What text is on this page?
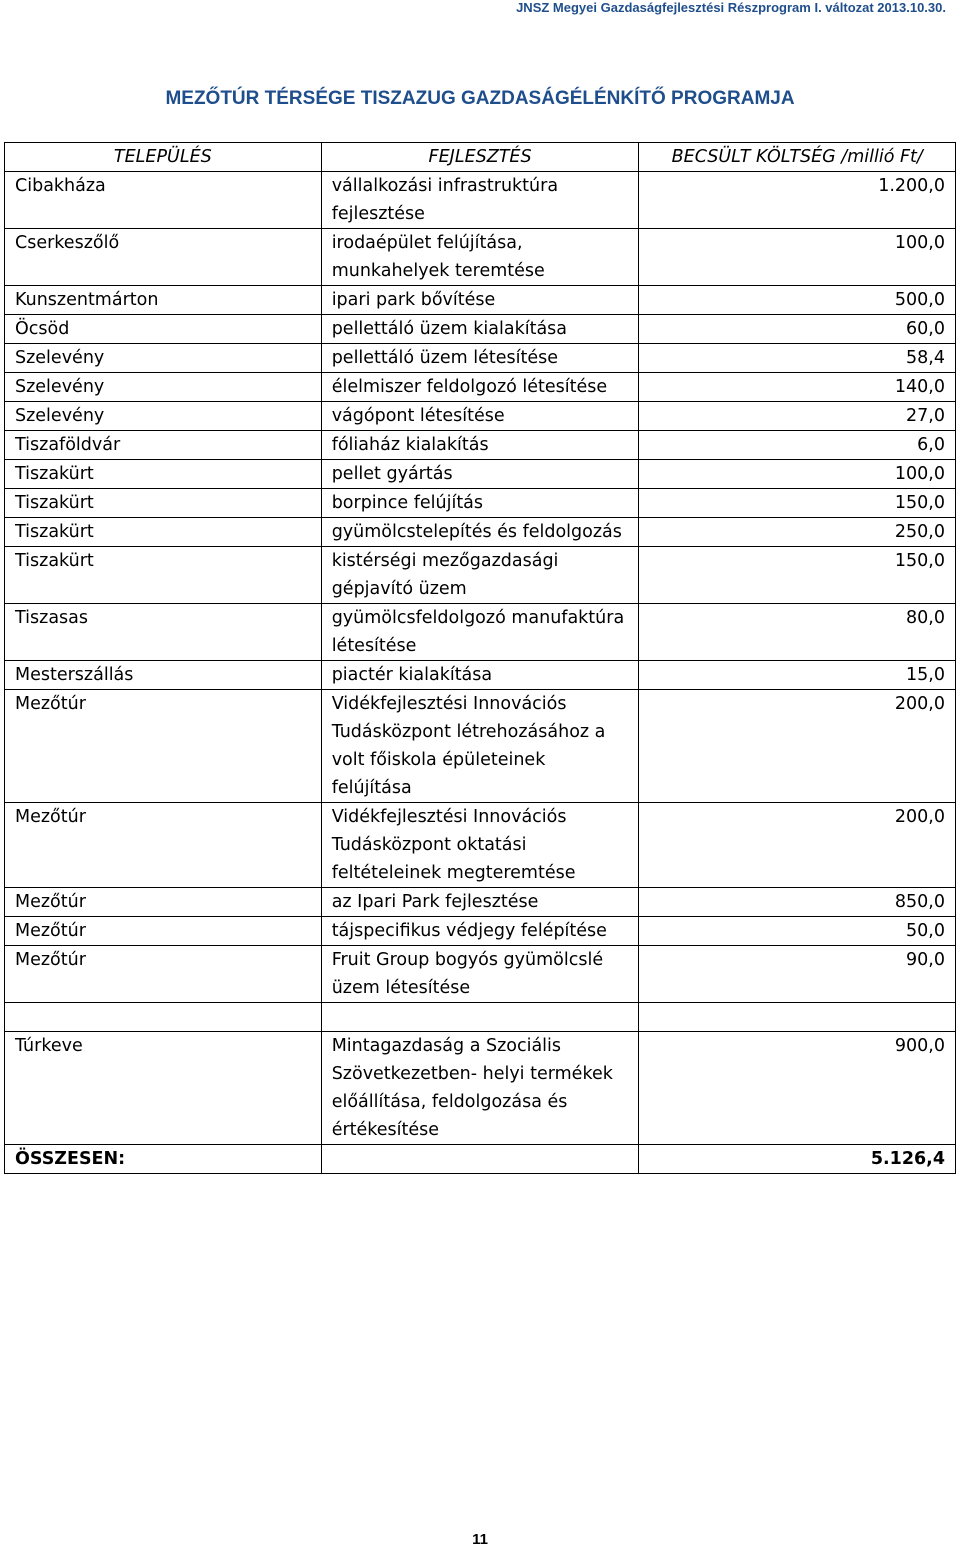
JNSZ Megyei Gazdaságfejlesztési Részprogram I. változat 2013.10.30.
MEZŐTÚR TÉRSÉGE TISZAZUG GAZDASÁGÉLÉNKÍTŐ PROGRAMJA
TELEPÜLÉS	FEJLESZTÉS	BECSÜLT KÖLTSÉG /millió Ft/
Cibakháza	vállalkozási infrastruktúra fejlesztése	1.200,0
Cserkeszőlő	irodaépület felújítása, munkahelyek teremtése	100,0
Kunszentmárton	ipari park bővítése	500,0
Öcsöd	pellettáló üzem kialakítása	60,0
Szelevény	pellettáló üzem létesítése	58,4
Szelevény	élelmiszer feldolgozó létesítése	140,0
Szelevény	vágópont létesítése	27,0
Tiszaföldvár	fóliaház kialakítás	6,0
Tiszakürt	pellet gyártás	100,0
Tiszakürt	borpince felújítás	150,0
Tiszakürt	gyümölcstelepítés és feldolgozás	250,0
Tiszakürt	kistérségi mezőgazdasági gépjavító üzem	150,0
Tiszasas	gyümölcsfeldolgozó manufaktúra létesítése	80,0
Mesterszállás	piactér kialakítása	15,0
Mezőtúr	Vidékfejlesztési Innovációs Tudásközpont létrehozásához a volt főiskola épületeinek felújítása	200,0
Mezőtúr	Vidékfejlesztési Innovációs Tudásközpont oktatási feltételeinek megteremtése	200,0
Mezőtúr	az Ipari Park fejlesztése	850,0
Mezőtúr	tájspecifikus védjegy felépítése	50,0
Mezőtúr	Fruit Group bogyós gyümölcslé üzem létesítése	90,0

Túrkeve	Mintagazdaság a Szociális Szövetkezetben- helyi termékek előállítása, feldolgozása és értékesítése	900,0
ÖSSZESEN:		5.126,4
11
